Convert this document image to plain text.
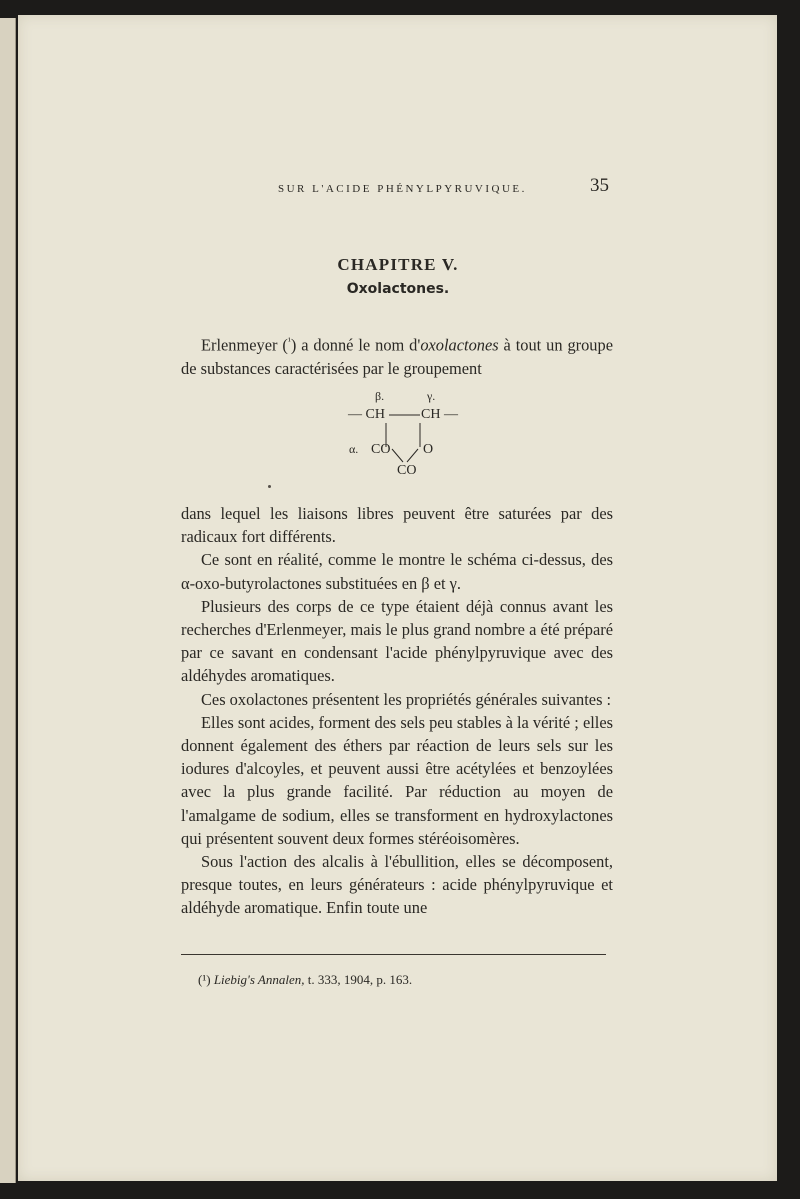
SUR L'ACIDE PHÉNYLPYRUVIQUE.	35
CHAPITRE V.
Oxolactones.

Erlenmeyer ($^{^1}$) a donné le nom d'oxolactones à tout un groupe de substances caractérisées par le groupement

β.	γ.
— CH	CH —
α. CO O
CO

dans lequel les liaisons libres peuvent être saturées par des radicaux fort différents.

Ce sont en réalité, comme le montre le schéma ci-dessus, des α-oxo-butyrolactones substituées en β et γ.

Plusieurs des corps de ce type étaient déjà connus avant les recherches d'Erlenmeyer, mais le plus grand nombre a été préparé par ce savant en condensant l'acide phénylpyruvique avec des aldéhydes aromatiques.

Ces oxolactones présentent les propriétés générales suivantes :

Elles sont acides, forment des sels peu stables à la vérité ; elles donnent également des éthers par réaction de leurs sels sur les iodures d'alcoyles, et peuvent aussi être acétylées et benzoylées avec la plus grande facilité. Par réduction au moyen de l'amalgame de sodium, elles se transforment en hydroxylactones qui présentent souvent deux formes stéréoisomères.

Sous l'action des alcalis à l'ébullition, elles se décomposent, presque toutes, en leurs générateurs : acide phénylpyruvique et aldéhyde aromatique. Enfin toute une

(¹) Liebig's Annalen, t. 333, 1904, p. 163.
